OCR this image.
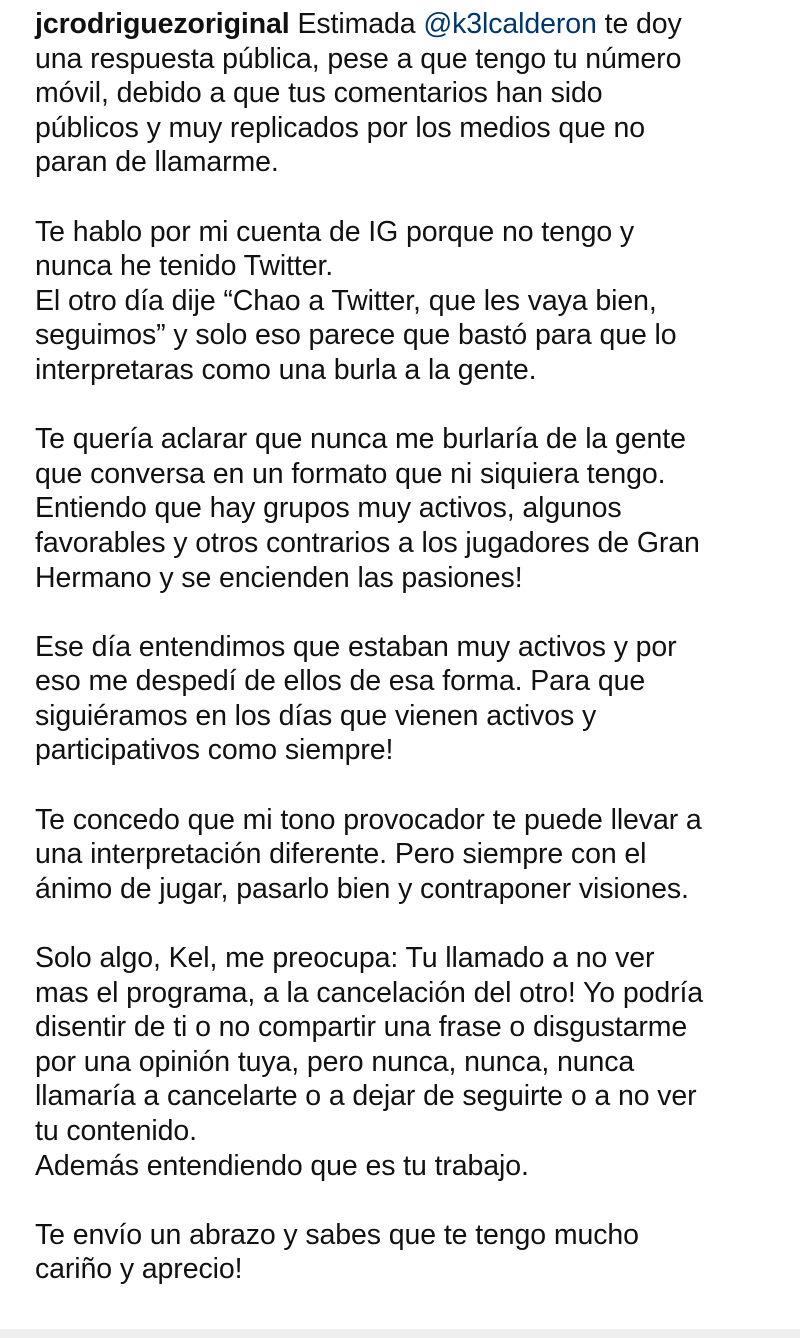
jcrodriguezoriginal Estimada @k3lcalderon te doy
una respuesta pública, pese a que tengo tu número
móvil, debido a que tus comentarios han sido
públicos y muy replicados por los medios que no
paran de llamarme.
Te hablo por mi cuenta de IG porque no tengo y
nunca he tenido Twitter.
El otro día dije “Chao a Twitter, que les vaya bien,
seguimos” y solo eso parece que bastó para que lo
interpretaras como una burla a la gente.
Te quería aclarar que nunca me burlaría de la gente
que conversa en un formato que ni siquiera tengo.
Entiendo que hay grupos muy activos, algunos
favorables y otros contrarios a los jugadores de Gran
Hermano y se encienden las pasiones!
Ese día entendimos que estaban muy activos y por
eso me despedí de ellos de esa forma. Para que
siguiéramos en los días que vienen activos y
participativos como siempre!
Te concedo que mi tono provocador te puede llevar a
una interpretación diferente. Pero siempre con el
ánimo de jugar, pasarlo bien y contraponer visiones.
Solo algo, Kel, me preocupa: Tu llamado a no ver
mas el programa, a la cancelación del otro! Yo podría
disentir de ti o no compartir una frase o disgustarme
por una opinión tuya, pero nunca, nunca, nunca
llamaría a cancelarte o a dejar de seguirte o a no ver
tu contenido.
Además entendiendo que es tu trabajo.
Te envío un abrazo y sabes que te tengo mucho
cariño y aprecio!
